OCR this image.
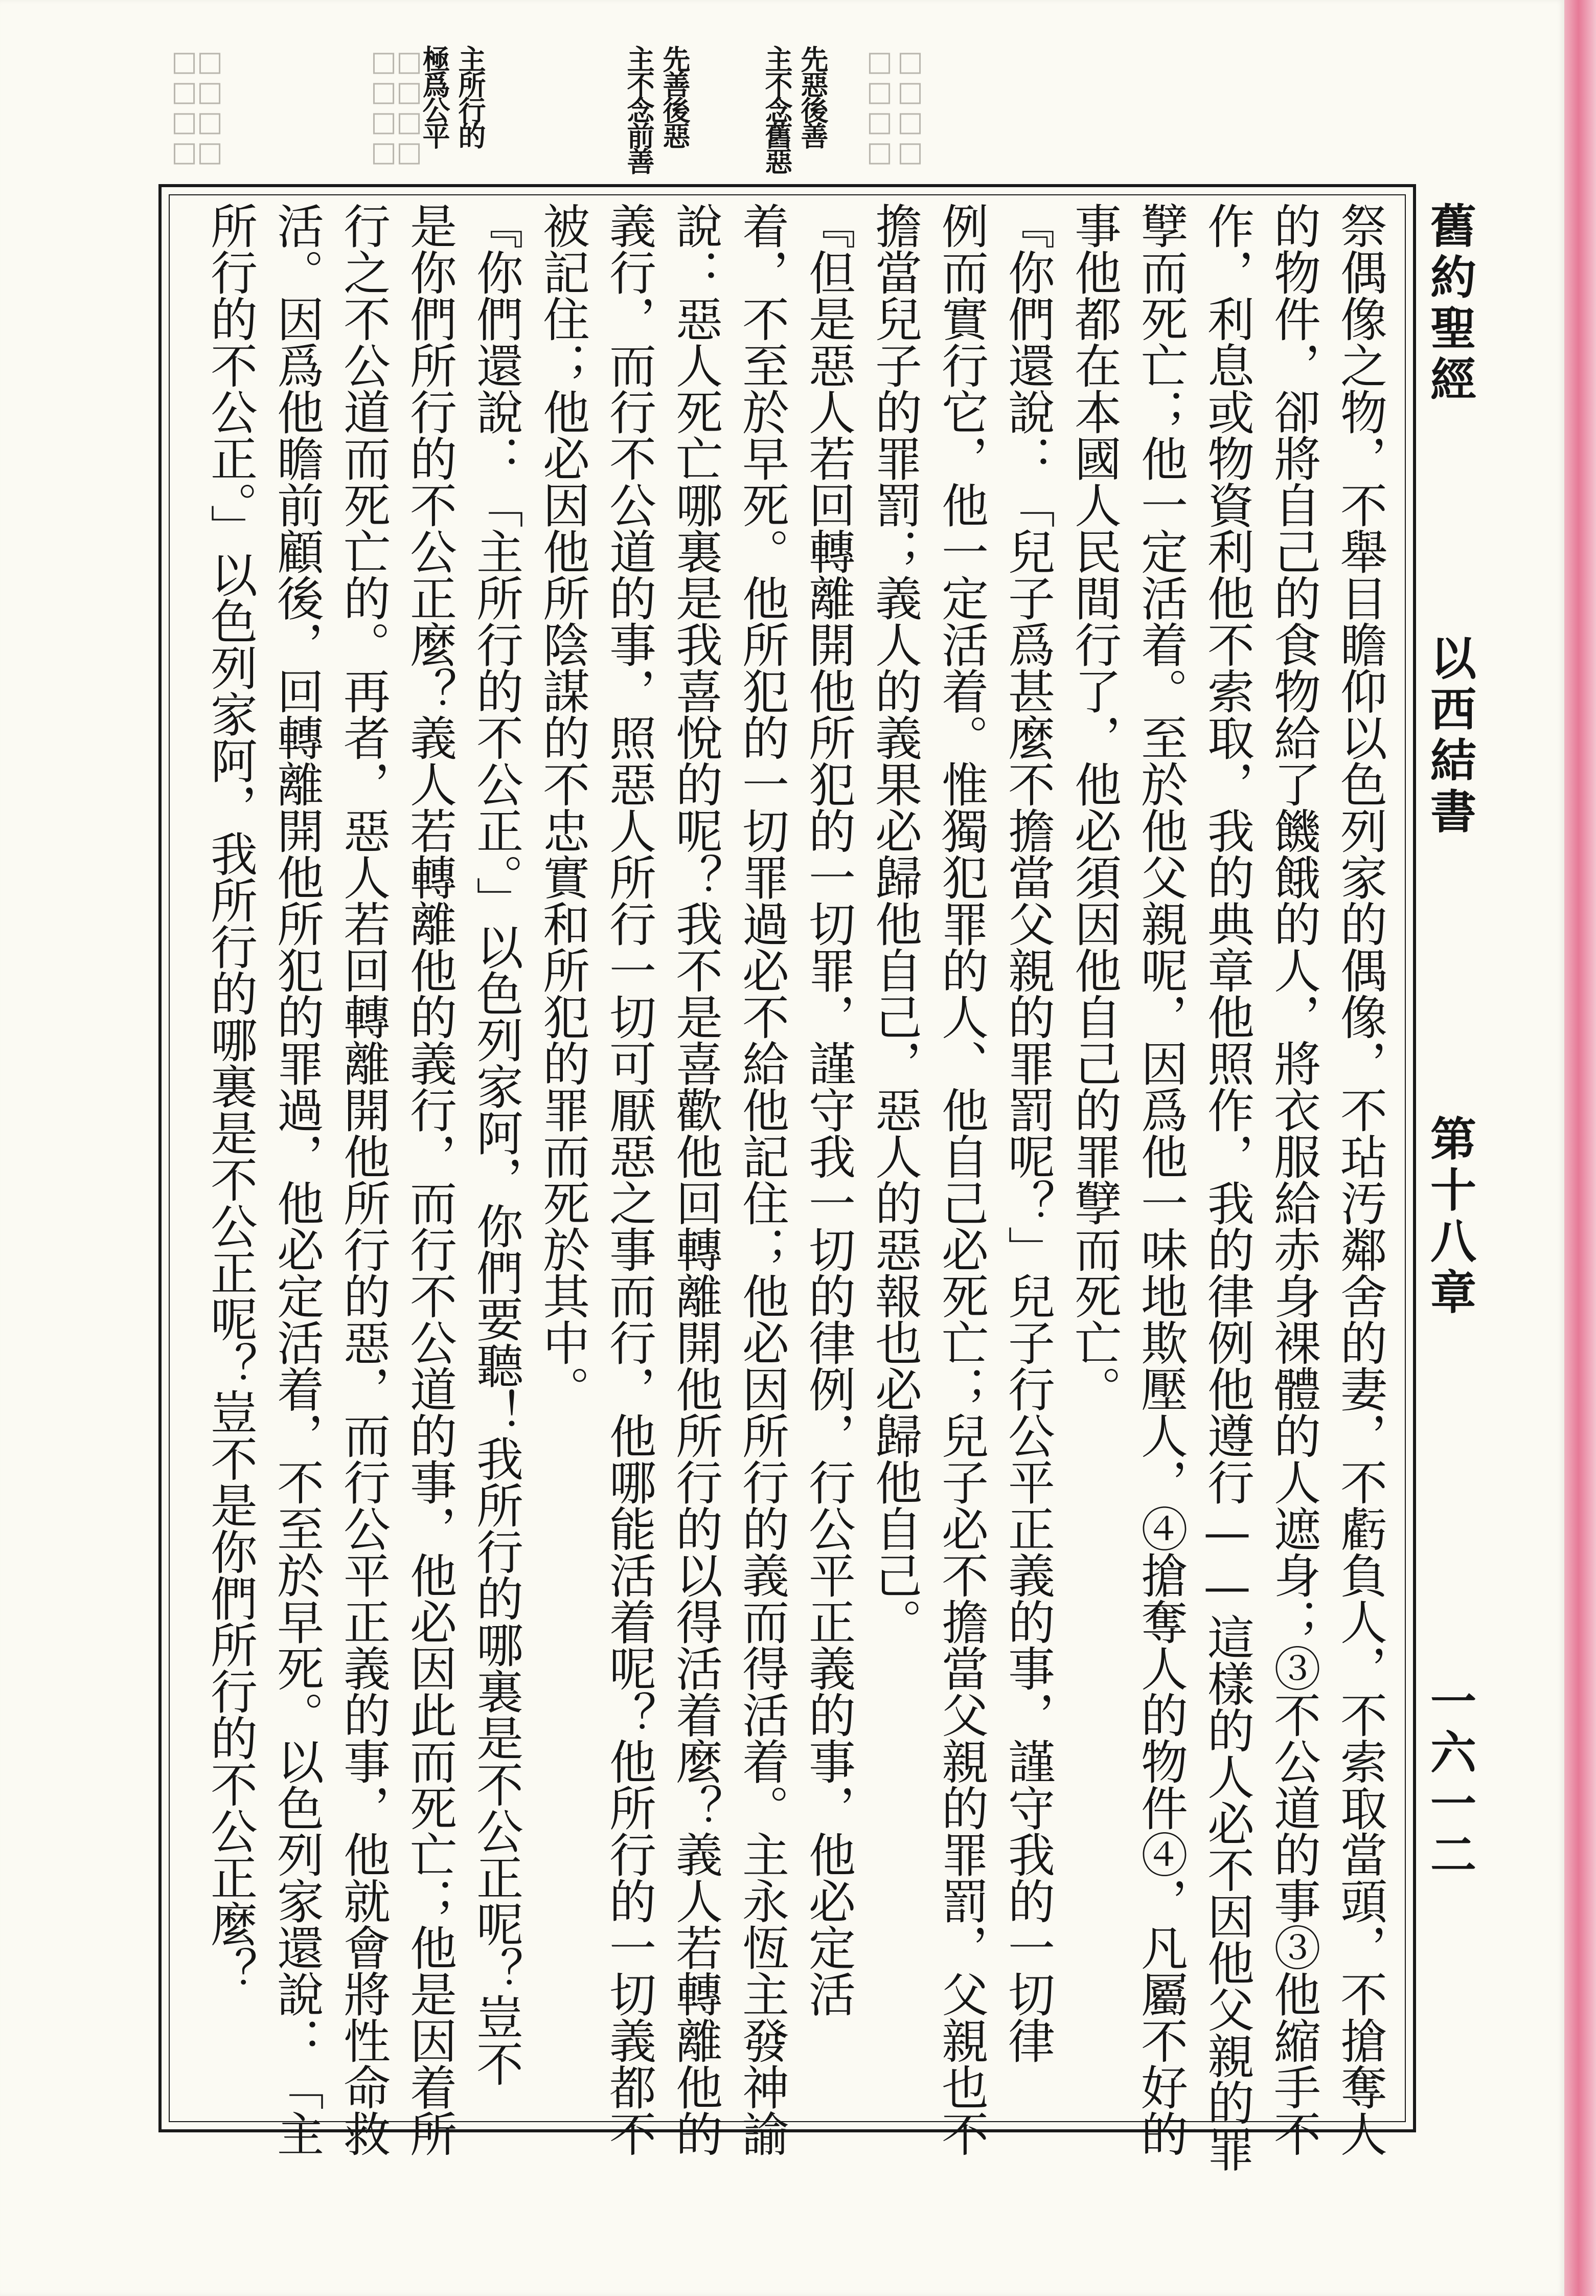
舊約聖經
以西結書
第十八章
一六一二
□□□□
□□□□
□□□□
□□□□
□□□□
□□□□	先惡後善
主不念舊惡
先善後惡
主不念前善
主所行的
極爲公平
祭偶像之物，不舉目瞻仰以色列家的偶像，不玷汚鄰舍的妻，不虧負人，不索取當頭，不搶奪人
的物件，卻將自己的食物給了饑餓的人，將衣服給赤身裸體的人遮身；③不公道的事③他縮手不
作，利息或物資利他不索取，我的典章他照作，我的律例他遵行——這樣的人必不因他父親的罪
孼而死亡；他一定活着。至於他父親呢，因爲他一味地欺壓人，④搶奪人的物件④，凡屬不好的
事他都在本國人民間行了，他必須因他自己的罪孼而死亡。
『你們還說：「兒子爲甚麼不擔當父親的罪罰呢？」兒子行公平正義的事，謹守我的一切律
例而實行它，他一定活着。惟獨犯罪的人、他自己必死亡；兒子必不擔當父親的罪罰，父親也不
擔當兒子的罪罰；義人的義果必歸他自己，惡人的惡報也必歸他自己。
『但是惡人若回轉離開他所犯的一切罪，謹守我一切的律例，行公平正義的事，他必定活
着，不至於早死。他所犯的一切罪過必不給他記住；他必因所行的義而得活着。主永恆主發神諭
說：惡人死亡哪裏是我喜悅的呢？我不是喜歡他回轉離開他所行的以得活着麼？義人若轉離他的
義行，而行不公道的事，照惡人所行一切可厭惡之事而行，他哪能活着呢？他所行的一切義都不
被記住；他必因他所陰謀的不忠實和所犯的罪而死於其中。
『你們還說：「主所行的不公正。」以色列家阿，你們要聽！我所行的哪裏是不公正呢？豈不
是你們所行的不公正麼？義人若轉離他的義行，而行不公道的事，他必因此而死亡；他是因着所
行之不公道而死亡的。再者，惡人若回轉離開他所行的惡，而行公平正義的事，他就會將性命救
活。因爲他瞻前顧後，回轉離開他所犯的罪過，他必定活着，不至於早死。以色列家還說：「主
所行的不公正。」以色列家阿，我所行的哪裏是不公正呢？豈不是你們所行的不公正麼？
